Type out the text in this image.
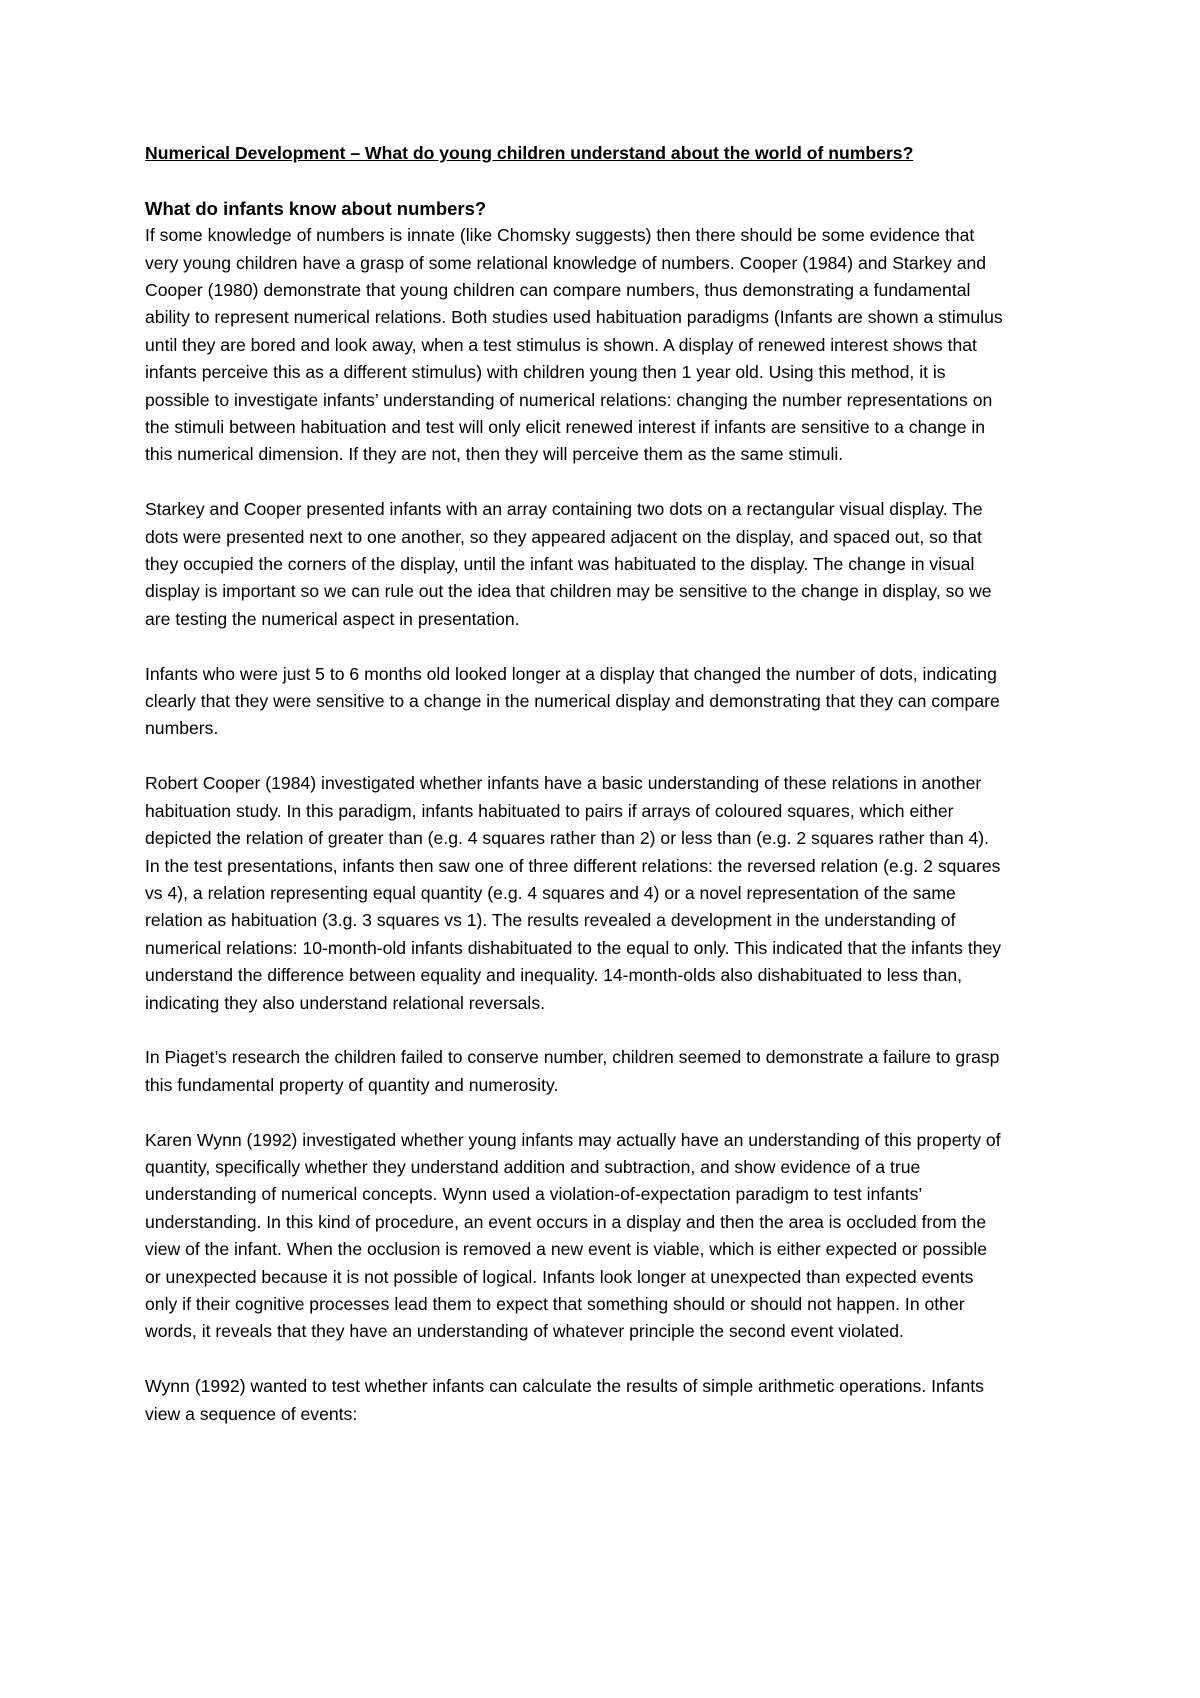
Numerical Development – What do young children understand about the world of numbers?

What do infants know about numbers?

If some knowledge of numbers is innate (like Chomsky suggests) then there should be some evidence that very young children have a grasp of some relational knowledge of numbers. Cooper (1984) and Starkey and Cooper (1980) demonstrate that young children can compare numbers, thus demonstrating a fundamental ability to represent numerical relations. Both studies used habituation paradigms (Infants are shown a stimulus until they are bored and look away, when a test stimulus is shown. A display of renewed interest shows that infants perceive this as a different stimulus) with children young then 1 year old. Using this method, it is possible to investigate infants’ understanding of numerical relations: changing the number representations on the stimuli between habituation and test will only elicit renewed interest if infants are sensitive to a change in this numerical dimension. If they are not, then they will perceive them as the same stimuli.

Starkey and Cooper presented infants with an array containing two dots on a rectangular visual display. The dots were presented next to one another, so they appeared adjacent on the display, and spaced out, so that they occupied the corners of the display, until the infant was habituated to the display. The change in visual display is important so we can rule out the idea that children may be sensitive to the change in display, so we are testing the numerical aspect in presentation.

Infants who were just 5 to 6 months old looked longer at a display that changed the number of dots, indicating clearly that they were sensitive to a change in the numerical display and demonstrating that they can compare numbers.

Robert Cooper (1984) investigated whether infants have a basic understanding of these relations in another habituation study. In this paradigm, infants habituated to pairs if arrays of coloured squares, which either depicted the relation of greater than (e.g. 4 squares rather than 2) or less than (e.g. 2 squares rather than 4). In the test presentations, infants then saw one of three different relations: the reversed relation (e.g. 2 squares vs 4), a relation representing equal quantity (e.g. 4 squares and 4) or a novel representation of the same relation as habituation (3.g. 3 squares vs 1). The results revealed a development in the understanding of numerical relations: 10-month-old infants dishabituated to the equal to only. This indicated that the infants they understand the difference between equality and inequality. 14-month-olds also dishabituated to less than, indicating they also understand relational reversals.

In Piaget’s research the children failed to conserve number, children seemed to demonstrate a failure to grasp this fundamental property of quantity and numerosity.

Karen Wynn (1992) investigated whether young infants may actually have an understanding of this property of quantity, specifically whether they understand addition and subtraction, and show evidence of a true understanding of numerical concepts. Wynn used a violation-of-expectation paradigm to test infants’ understanding. In this kind of procedure, an event occurs in a display and then the area is occluded from the view of the infant. When the occlusion is removed a new event is viable, which is either expected or possible or unexpected because it is not possible of logical. Infants look longer at unexpected than expected events only if their cognitive processes lead them to expect that something should or should not happen. In other words, it reveals that they have an understanding of whatever principle the second event violated.

Wynn (1992) wanted to test whether infants can calculate the results of simple arithmetic operations. Infants view a sequence of events:
